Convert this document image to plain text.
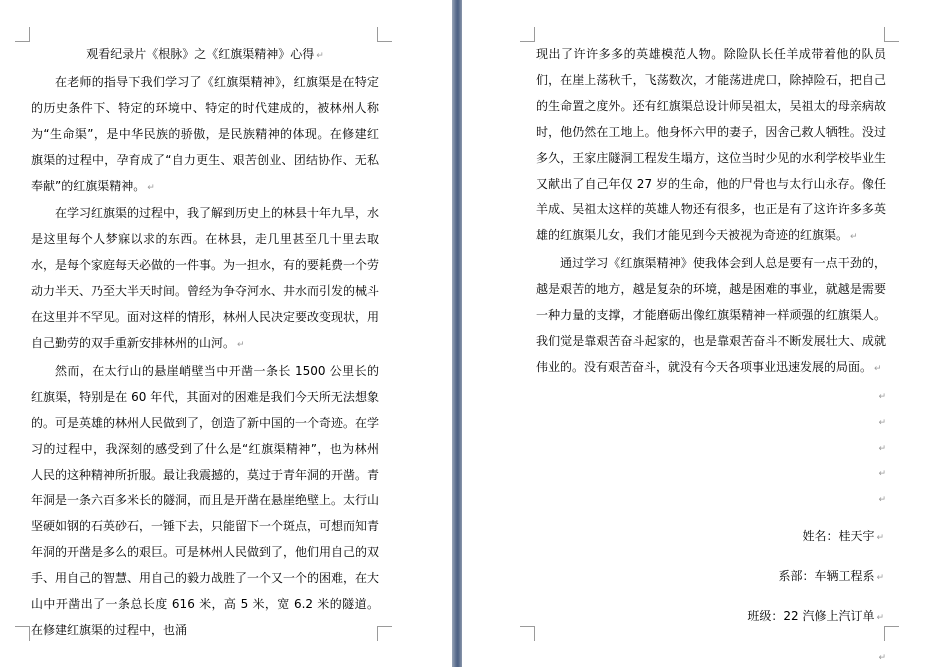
观看纪录片《根脉》之《红旗渠精神》心得 ↵

在老师的指导下我们学习了《红旗渠精神》，红旗渠是在特定的历史条件下、特定的环境中、特定的时代建成的，被林州人称为“生命渠”，是中华民族的骄傲，是民族精神的体现。在修建红旗渠的过程中，孕育成了“自力更生、艰苦创业、团结协作、无私奉献”的红旗渠精神。 ↵

在学习红旗渠的过程中，我了解到历史上的林县十年九旱，水是这里每个人梦寐以求的东西。在林县，走几里甚至几十里去取水，是每个家庭每天必做的一件事。为一担水，有的要耗费一个劳动力半天、乃至大半天时间。曾经为争夺河水、井水而引发的械斗在这里并不罕见。面对这样的情形，林州人民决定要改变现状，用自己勤劳的双手重新安排林州的山河。 ↵

然而，在太行山的悬崖峭壁当中开凿一条长 1500 公里长的红旗渠，特别是在 60 年代，其面对的困难是我们今天所无法想象的。可是英雄的林州人民做到了，创造了新中国的一个奇迹。在学习的过程中，我深刻的感受到了什么是“红旗渠精神”，也为林州人民的这种精神所折服。最让我震撼的，莫过于青年洞的开凿。青年洞是一条六百多米长的隧洞，而且是开凿在悬崖绝壁上。太行山坚硬如钢的石英砂石，一锤下去，只能留下一个斑点，可想而知青年洞的开凿是多么的艰巨。可是林州人民做到了，他们用自己的双手、用自己的智慧、用自己的毅力战胜了一个又一个的困难，在大山中开凿出了一条总长度 616 米，高 5 米，宽 6.2 米的隧道。在修建红旗渠的过程中，也涌

现出了许许多多的英雄模范人物。除险队长任羊成带着他的队员们，在崖上荡秋千，飞荡数次，才能荡进虎口，除掉险石，把自己的生命置之度外。还有红旗渠总设计师吴祖太，吴祖太的母亲病故时，他仍然在工地上。他身怀六甲的妻子，因舍己救人牺牲。没过多久，王家庄隧洞工程发生塌方，这位当时少见的水利学校毕业生又献出了自己年仅 27 岁的生命，他的尸骨也与太行山永存。像任羊成、吴祖太这样的英雄人物还有很多，也正是有了这许许多多英雄的红旗渠儿女，我们才能见到今天被视为奇迹的红旗渠。 ↵

通过学习《红旗渠精神》使我体会到人总是要有一点干劲的，越是艰苦的地方，越是复杂的环境，越是困难的事业，就越是需要一种力量的支撑，才能磨砺出像红旗渠精神一样顽强的红旗渠人。我们觉是靠艰苦奋斗起家的，也是靠艰苦奋斗不断发展壮大、成就伟业的。没有艰苦奋斗，就没有今天各项事业迅速发展的局面。 ↵

↵
↵
↵
↵
↵

姓名：桂天宇 ↵

系部：车辆工程系 ↵

班级：22 汽修上汽订单 ↵

↵
